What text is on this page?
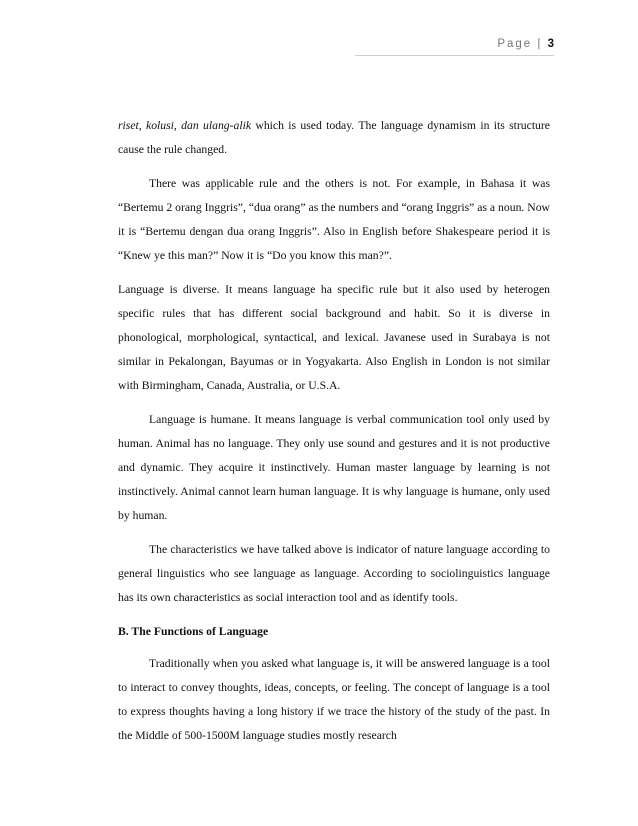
Page | 3

riset, kolusi, dan ulang-alik which is used today. The language dynamism in its structure cause the rule changed.

There was applicable rule and the others is not. For example, in Bahasa it was “Bertemu 2 orang Inggris”, “dua orang” as the numbers and “orang Inggris” as a noun. Now it is “Bertemu dengan dua orang Inggris”. Also in English before Shakespeare period it is “Knew ye this man?” Now it is “Do you know this man?”.

Language is diverse. It means language ha specific rule but it also used by heterogen specific rules that has different social background and habit. So it is diverse in phonological, morphological, syntactical, and lexical. Javanese used in Surabaya is not similar in Pekalongan, Bayumas or in Yogyakarta. Also English in London is not similar with Birmingham, Canada, Australia, or U.S.A.

Language is humane. It means language is verbal communication tool only used by human. Animal has no language. They only use sound and gestures and it is not productive and dynamic. They acquire it instinctively. Human master language by learning is not instinctively. Animal cannot learn human language. It is why language is humane, only used by human.

The characteristics we have talked above is indicator of nature language according to general linguistics who see language as language. According to sociolinguistics language has its own characteristics as social interaction tool and as identify tools.

B. The Functions of Language

Traditionally when you asked what language is, it will be answered language is a tool to interact to convey thoughts, ideas, concepts, or feeling. The concept of language is a tool to express thoughts having a long history if we trace the history of the study of the past. In the Middle of 500-1500M language studies mostly research
